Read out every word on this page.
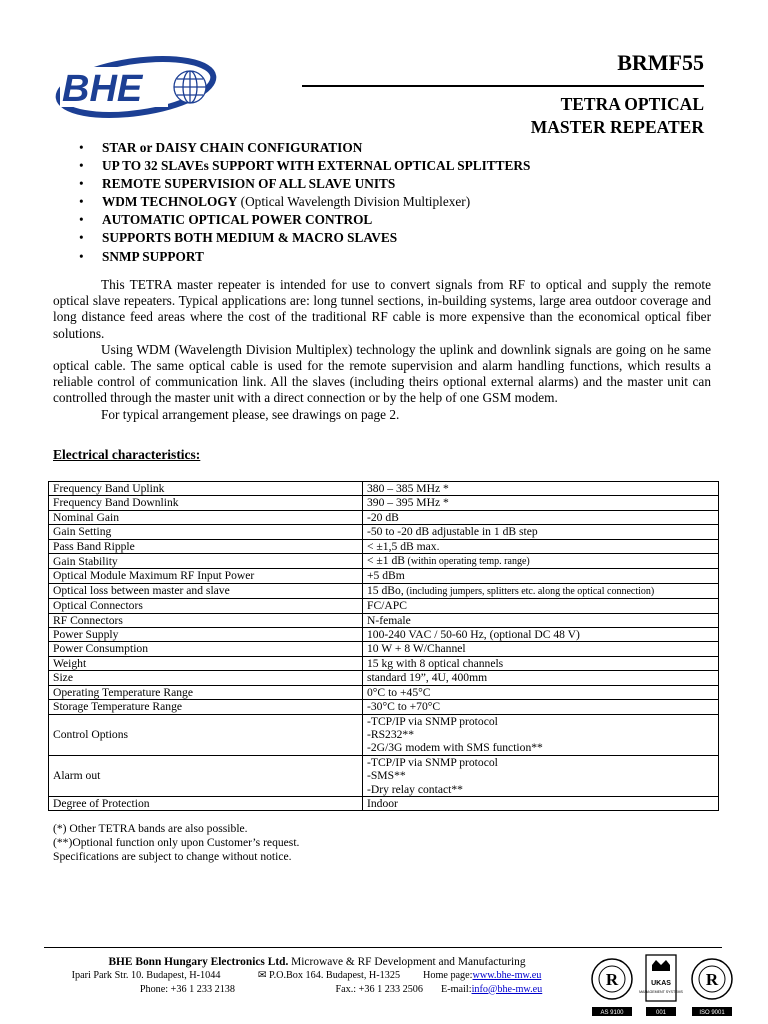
BHE
BRMF55
TETRA OPTICAL
MASTER REPEATER
• STAR or DAISY CHAIN CONFIGURATION
• UP TO 32 SLAVEs SUPPORT WITH EXTERNAL OPTICAL SPLITTERS
• REMOTE SUPERVISION OF ALL SLAVE UNITS
• WDM TECHNOLOGY (Optical Wavelength Division Multiplexer)
• AUTOMATIC OPTICAL POWER CONTROL
• SUPPORTS BOTH MEDIUM & MACRO SLAVES
• SNMP SUPPORT

This TETRA master repeater is intended for use to convert signals from RF to optical and supply the remote optical slave repeaters. Typical applications are: long tunnel sections, in-building systems, large area outdoor coverage and long distance feed areas where the cost of the traditional RF cable is more expensive than the economical optical fiber solutions.

Using WDM (Wavelength Division Multiplex) technology the uplink and downlink signals are going on he same optical cable. The same optical cable is used for the remote supervision and alarm handling functions, which results a reliable control of communication link. All the slaves (including theirs optional external alarms) and the master unit can controlled through the master unit with a direct connection or by the help of one GSM modem.

For typical arrangement please, see drawings on page 2.

Electrical characteristics:
Frequency Band Uplink	380 – 385 MHz *
Frequency Band Downlink	390 – 395 MHz *
Nominal Gain	-20 dB
Gain Setting	-50 to -20 dB adjustable in 1 dB step
Pass Band Ripple	< ±1,5 dB max.
Gain Stability	< ±1 dB (within operating temp. range)
Optical Module Maximum RF Input Power	+5 dBm
Optical loss between master and slave	15 dBo, (including jumpers, splitters etc. along the optical connection)
Optical Connectors	FC/APC
RF Connectors	N-female
Power Supply	100-240 VAC / 50-60 Hz, (optional DC 48 V)
Power Consumption	10 W + 8 W/Channel
Weight	15 kg with 8 optical channels
Size	standard 19”, 4U, 400mm
Operating Temperature Range	0°C to +45°C
Storage Temperature Range	-30°C to +70°C
Control Options	-TCP/IP via SNMP protocol
-RS232**
-2G/3G modem with SMS function**

Alarm out	-TCP/IP via SNMP protocol
-SMS**
-Dry relay contact**

Degree of Protection	Indoor
(*) Other TETRA bands are also possible.
(**)Optional function only upon Customer’s request.
Specifications are subject to change without notice.
BHE Bonn Hungary Electronics Ltd. Microwave & RF Development and Manufacturing
Ipari Park Str. 10. Budapest, H-1044	✉ P.O.Box 164. Budapest, H-1325	Home page:www.bhe-mw.eu
Phone: +36 1 233 2138	Fax.: +36 1 233 2506	E-mail:info@bhe-mw.eu	R
AS 9100
UKAS
MANAGEMENT SYSTEMS
001
R
ISO 9001
